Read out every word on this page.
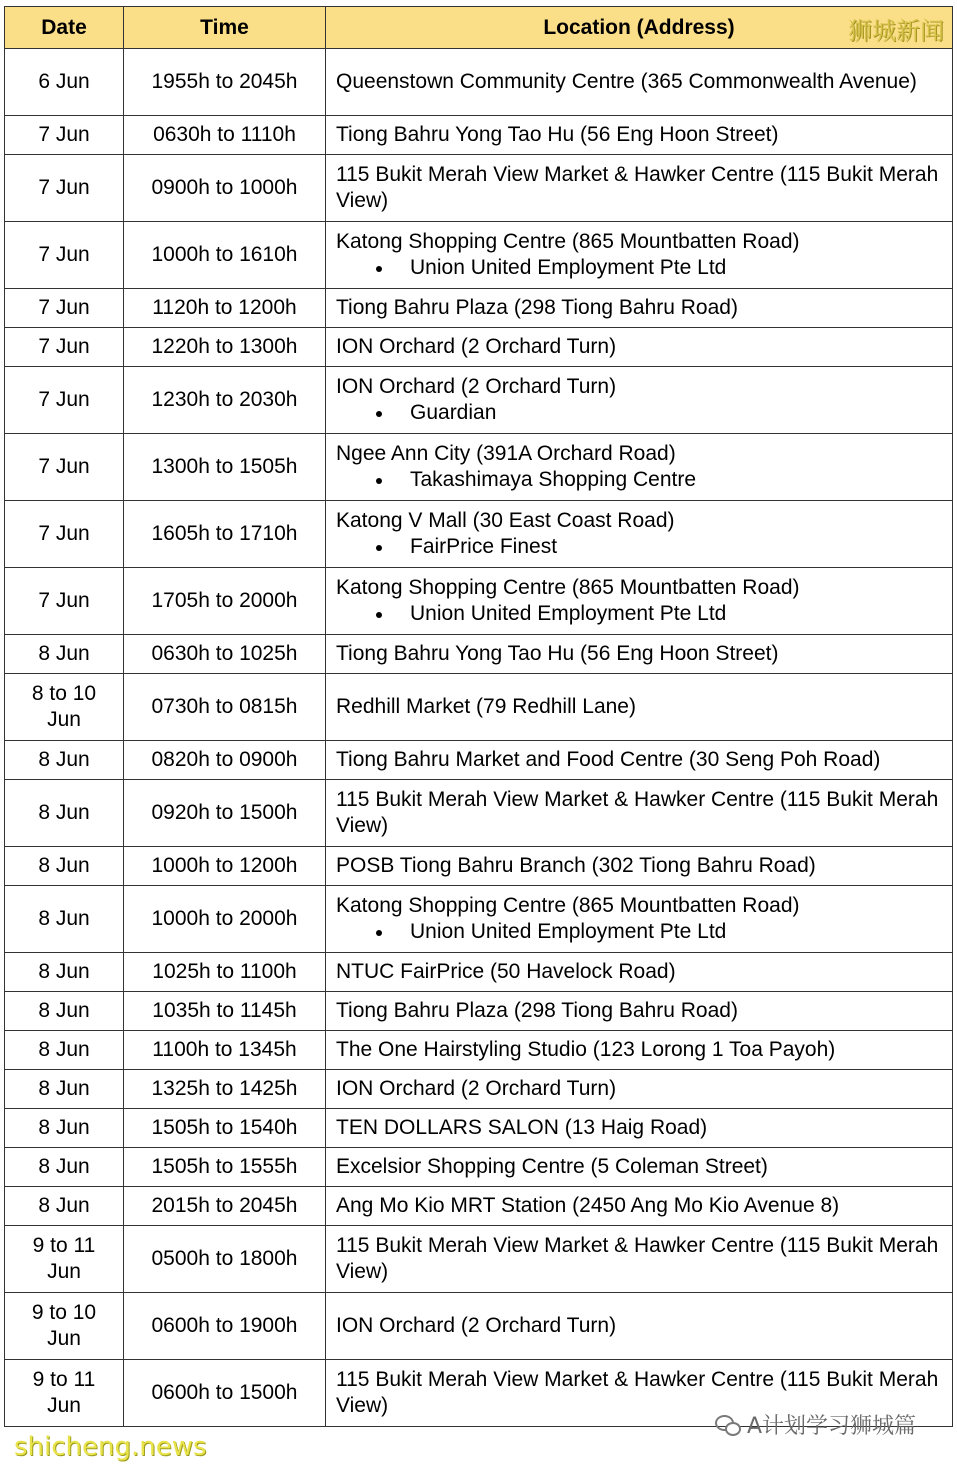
Date	Time	Location (Address) 狮城新闻

6 Jun	1955h to 2045h	Queenstown Community Centre (365 Commonwealth Avenue)

7 Jun	0630h to 1110h	Tiong Bahru Yong Tao Hu (56 Eng Hoon Street)

7 Jun	0900h to 1000h	115 Bukit Merah View Market & Hawker Centre (115 Bukit Merah View)

7 Jun	1000h to 1610h	Katong Shopping Centre (865 Mountbatten Road)
Union United Employment Pte Ltd

7 Jun	1120h to 1200h	Tiong Bahru Plaza (298 Tiong Bahru Road)

7 Jun	1220h to 1300h	ION Orchard (2 Orchard Turn)

7 Jun	1230h to 2030h	ION Orchard (2 Orchard Turn)
Guardian

7 Jun	1300h to 1505h	Ngee Ann City (391A Orchard Road)
Takashimaya Shopping Centre

7 Jun	1605h to 1710h	Katong V Mall (30 East Coast Road)
FairPrice Finest

7 Jun	1705h to 2000h	Katong Shopping Centre (865 Mountbatten Road)
Union United Employment Pte Ltd

8 Jun	0630h to 1025h	Tiong Bahru Yong Tao Hu (56 Eng Hoon Street)

8 to 10 Jun	0730h to 0815h	Redhill Market (79 Redhill Lane)

8 Jun	0820h to 0900h	Tiong Bahru Market and Food Centre (30 Seng Poh Road)

8 Jun	0920h to 1500h	115 Bukit Merah View Market & Hawker Centre (115 Bukit Merah View)

8 Jun	1000h to 1200h	POSB Tiong Bahru Branch (302 Tiong Bahru Road)

8 Jun	1000h to 2000h	Katong Shopping Centre (865 Mountbatten Road)
Union United Employment Pte Ltd

8 Jun	1025h to 1100h	NTUC FairPrice (50 Havelock Road)

8 Jun	1035h to 1145h	Tiong Bahru Plaza (298 Tiong Bahru Road)

8 Jun	1100h to 1345h	The One Hairstyling Studio (123 Lorong 1 Toa Payoh)

8 Jun	1325h to 1425h	ION Orchard (2 Orchard Turn)

8 Jun	1505h to 1540h	TEN DOLLARS SALON (13 Haig Road)

8 Jun	1505h to 1555h	Excelsior Shopping Centre (5 Coleman Street)

8 Jun	2015h to 2045h	Ang Mo Kio MRT Station (2450 Ang Mo Kio Avenue 8)

9 to 11 Jun	0500h to 1800h	115 Bukit Merah View Market & Hawker Centre (115 Bukit Merah View)

9 to 10 Jun	0600h to 1900h	ION Orchard (2 Orchard Turn)

9 to 11 Jun	0600h to 1500h	115 Bukit Merah View Market & Hawker Centre (115 Bukit Merah View)
shicheng.news
A计划学习狮城篇
